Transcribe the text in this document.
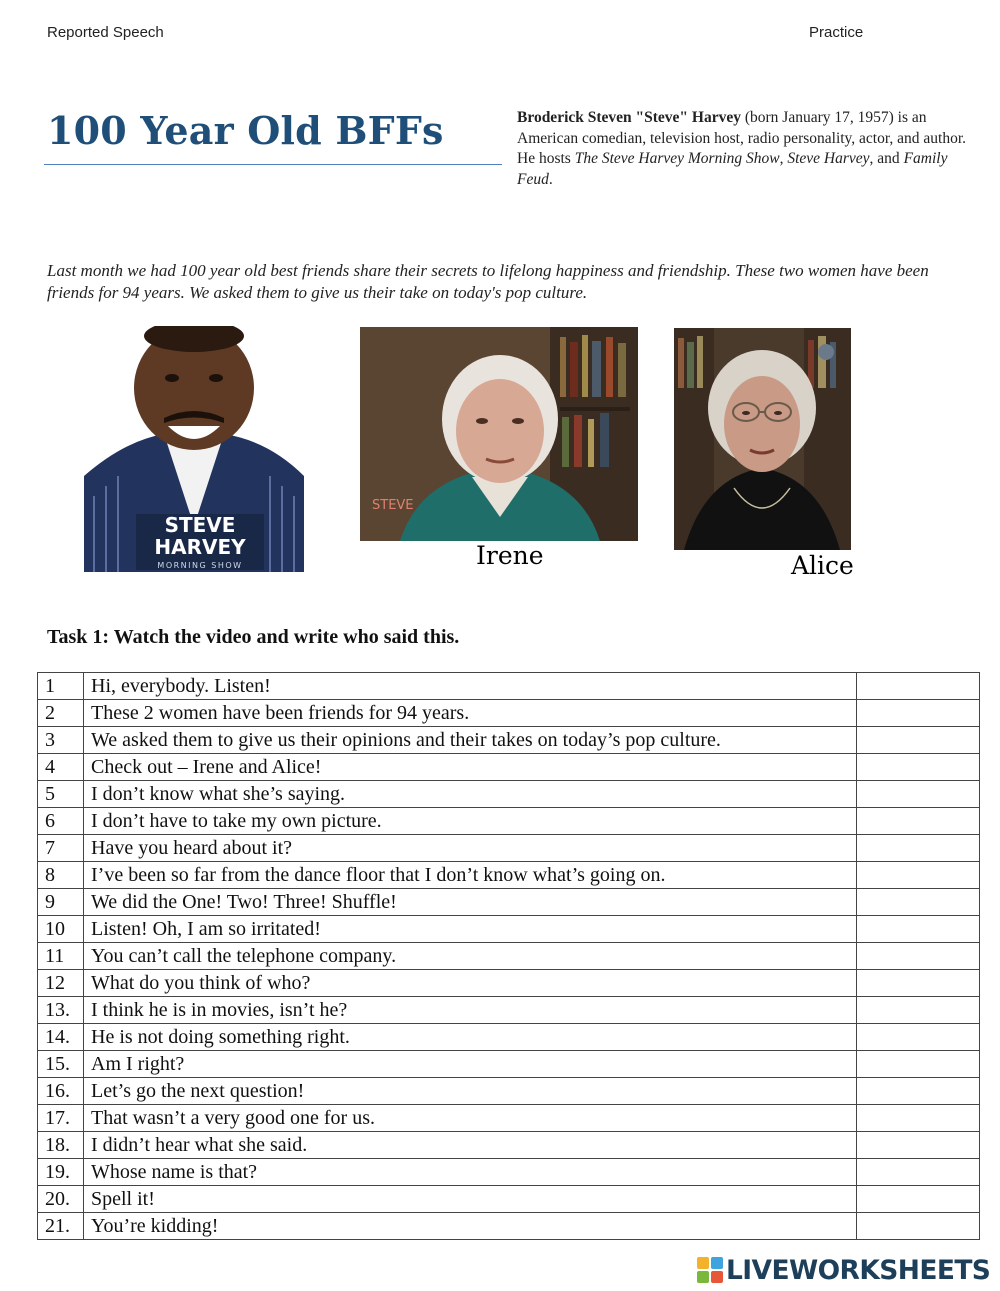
Reported Speech	Practice
100 Year Old BFFs	Broderick Steven "Steve" Harvey (born January 17, 1957) is an American comedian, television host, radio personality, actor, and author. He hosts The Steve Harvey Morning Show, Steve Harvey, and Family Feud.
Last month we had 100 year old best friends share their secrets to lifelong happiness and friendship. These two women have been friends for 94 years. We asked them to give us their take on today's pop culture.
STEVE
HARVEY
MORNING SHOW
STEVE
Irene	Alice
Task 1: Watch the video and write who said this.
1	Hi, everybody. Listen!	
2	These 2 women have been friends for 94 years.	
3	We asked them to give us their opinions and their takes on today’s pop culture.	
4	Check out – Irene and Alice!	
5	I don’t know what she’s saying.	
6	I don’t have to take my own picture.	
7	Have you heard about it?	
8	I’ve been so far from the dance floor that I don’t know what’s going on.	
9	We did the One! Two! Three! Shuffle!	
10	Listen! Oh, I am so irritated!	
11	You can’t call the telephone company.	
12	What do you think of who?	
13.	I think he is in movies, isn’t he?	
14.	He is not doing something right.	
15.	Am I right?	
16.	Let’s go the next question!	
17.	That wasn’t a very good one for us.	
18.	I didn’t hear what she said.	
19.	Whose name is that?	
20.	Spell it!	
21.	You’re kidding!	
LIVEWORKSHEETS
